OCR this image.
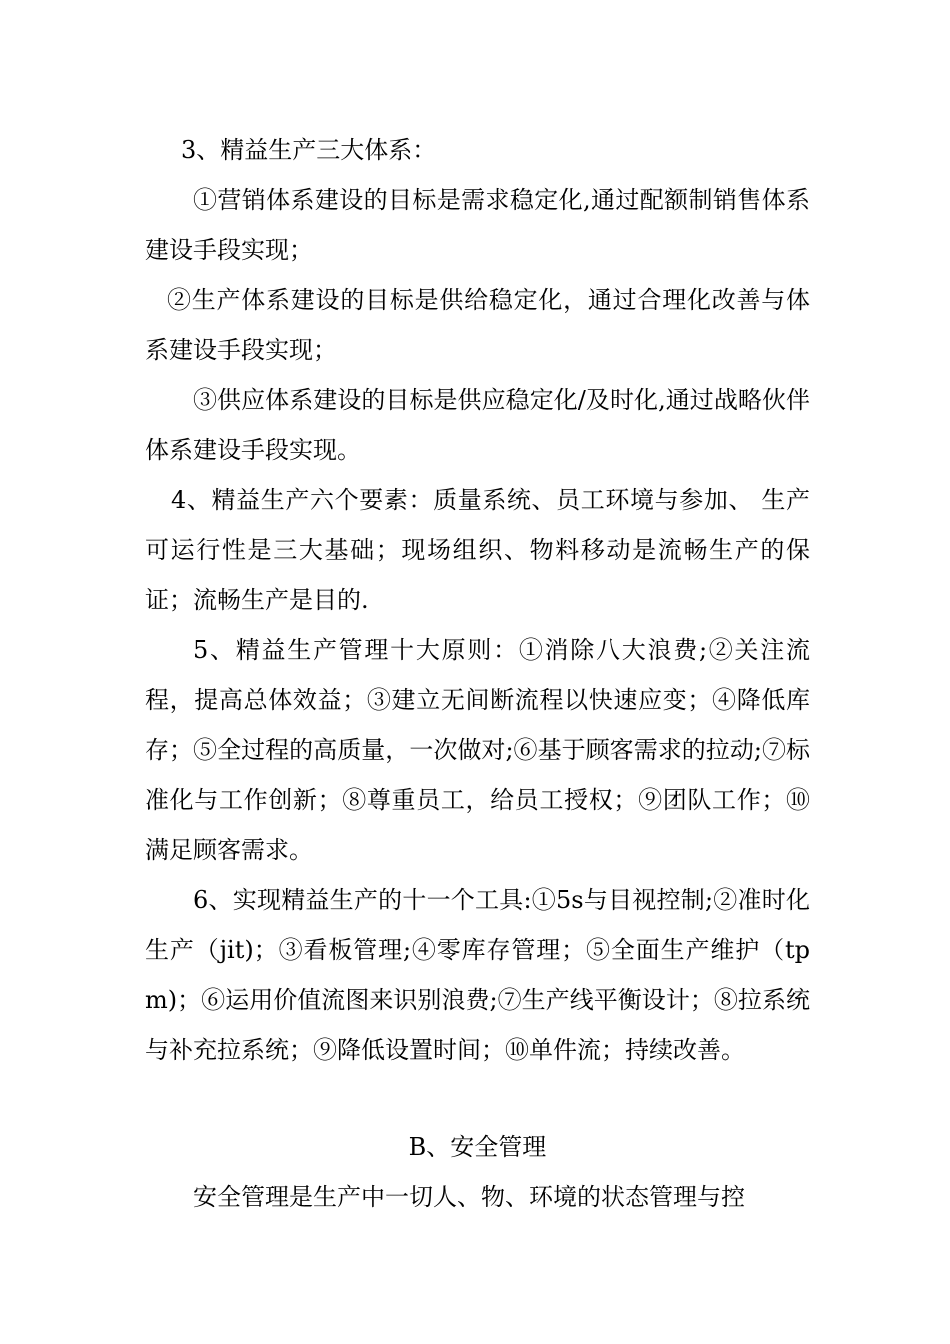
3、精益生产三大体系：

①营销体系建设的目标是需求稳定化,通过配额制销售体系建设手段实现；

②生产体系建设的目标是供给稳定化，通过合理化改善与体系建设手段实现；

③供应体系建设的目标是供应稳定化/及时化,通过战略伙伴体系建设手段实现。

4、精益生产六个要素：质量系统、员工环境与参加、 生产可运行性是三大基础；现场组织、物料移动是流畅生产的保证；流畅生产是目的.

5、精益生产管理十大原则：①消除八大浪费;②关注流程，提高总体效益；③建立无间断流程以快速应变；④降低库存；⑤全过程的高质量，一次做对;⑥基于顾客需求的拉动;⑦标准化与工作创新；⑧尊重员工，给员工授权；⑨团队工作；⑩满足顾客需求。

6、实现精益生产的十一个工具:①5s与目视控制;②准时化生产（jit)；③看板管理;④零库存管理；⑤全面生产维护（tpm)；⑥运用价值流图来识别浪费;⑦生产线平衡设计；⑧拉系统与补充拉系统；⑨降低设置时间；⑩单件流；持续改善。

B、安全管理

安全管理是生产中一切人、物、环境的状态管理与控
